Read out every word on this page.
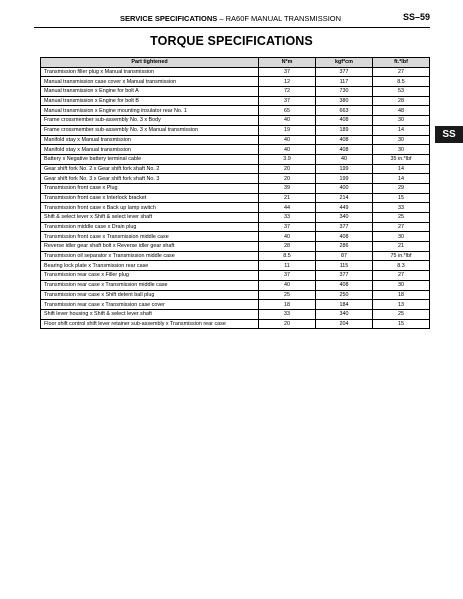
SERVICE SPECIFICATIONS – RA60F MANUAL TRANSMISSION	SS–59
TORQUE SPECIFICATIONS
SS
Part tightened	N*m	kgf*cm	ft.*lbf
Transmission filler plug x Manual transmission	37	377	27
Manual transmission case cover x Manual transmission	12	117	8.5
Manual transmission x Engine for bolt A	72	730	53
Manual transmission x Engine for bolt B	37	380	28
Manual transmission x Engine mounting insulator rear No. 1	65	663	48
Frame crossmember sub-assembly No. 3 x Body	40	408	30
Frame crossmember sub-assembly No. 3 x Manual transmission	19	189	14
Manifold stay x Manual transmission	40	408	30
Manifold stay x Manual transmission	40	408	30
Battery x Negative battery terminal cable	3.9	40	35 in.*lbf
Gear shift fork No. 2 x Gear shift fork shaft No. 2	20	199	14
Gear shift fork No. 3 x Gear shift fork shaft No. 3	20	199	14
Transmission front case x Plug	39	400	29
Transmission front case x Interlock bracket	21	214	15
Transmission front case x Back up lamp switch	44	449	33
Shift & select lever x Shift & select lever shaft	33	340	25
Transmission middle case x Drain plug	37	377	27
Transmission front case x Transmission middle case	40	408	30
Reverse idler gear shaft bolt x Reverse idler gear shaft	28	286	21
Transmission oil separator x Transmission middle case	8.5	87	75 in.*lbf
Bearing lock plate x Transmission rear case	11	115	8.3
Transmission rear case x Filler plug	37	377	27
Transmission rear case x Transmission middle case	40	408	30
Transmission rear case x Shift detent ball plug	25	250	18
Transmission rear case x Transmission case cover	18	184	13
Shift lever housing x Shift & select lever shaft	33	340	25
Floor shift control shift lever retainer sub-assembly x Transmission rear case	20	204	15
